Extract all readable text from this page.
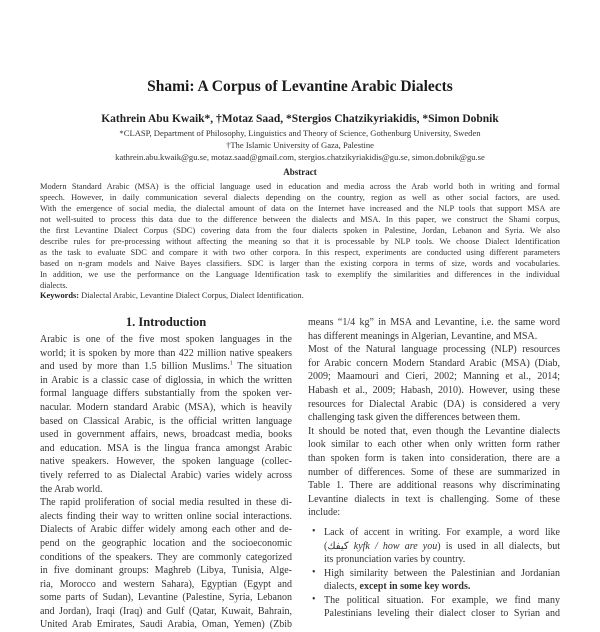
Shami: A Corpus of Levantine Arabic Dialects
Kathrein Abu Kwaik*, †Motaz Saad, *Stergios Chatzikyriakidis, *Simon Dobnik
*CLASP, Department of Philosophy, Linguistics and Theory of Science, Gothenburg University, Sweden
†The Islamic University of Gaza, Palestine
kathrein.abu.kwaik@gu.se, motaz.saad@gmail.com, stergios.chatzikyriakidis@gu.se, simon.dobnik@gu.se
Abstract
Modern Standard Arabic (MSA) is the official language used in education and media across the Arab world both in writing and formal
speech. However, in daily communication several dialects depending on the country, region as well as other social factors, are used.
With the emergence of social media, the dialectal amount of data on the Internet have increased and the NLP tools that support MSA are
not well-suited to process this data due to the difference between the dialects and MSA. In this paper, we construct the Shami corpus,
the first Levantine Dialect Corpus (SDC) covering data from the four dialects spoken in Palestine, Jordan, Lebanon and Syria. We also
describe rules for pre-processing without affecting the meaning so that it is processable by NLP tools. We choose Dialect Identification
as the task to evaluate SDC and compare it with two other corpora. In this respect, experiments are conducted using different parameters
based on n-gram models and Naive Bayes classifiers. SDC is larger than the existing corpora in terms of size, words and vocabularies.
In addition, we use the performance on the Language Identification task to exemplify the similarities and differences in the individual
dialects.
Keywords: Dialectal Arabic, Levantine Dialect Corpus, Dialect Identification.
1. Introduction
Arabic is one of the five most spoken languages in the
world; it is spoken by more than 422 million native speakers
and used by more than 1.5 billion Muslims.$^1$ The situation
in Arabic is a classic case of diglossia, in which the written
formal language differs substantially from the spoken ver-
nacular. Modern standard Arabic (MSA), which is heavily
based on Classical Arabic, is the official written language
used in government affairs, news, broadcast media, books
and education. MSA is the lingua franca amongst Arabic
native speakers. However, the spoken language (collec-
tively referred to as Dialectal Arabic) varies widely across
the Arab world.
The rapid proliferation of social media resulted in these di-
alects finding their way to written online social interactions.
Dialects of Arabic differ widely among each other and de-
pend on the geographic location and the socioeconomic
conditions of the speakers. They are commonly categorized
in five dominant groups: Maghreb (Libya, Tunisia, Alge-
ria, Morocco and western Sahara), Egyptian (Egypt and
some parts of Sudan), Levantine (Palestine, Syria, Lebanon
and Jordan), Iraqi (Iraq) and Gulf (Qatar, Kuwait, Bahrain,
United Arab Emirates, Saudi Arabia, Oman, Yemen) (Zbib
means “1/4 kg” in MSA and Levantine, i.e. the same word
has different meanings in Algerian, Levantine, and MSA.
Most of the Natural language processing (NLP) resources
for Arabic concern Modern Standard Arabic (MSA) (Diab,
2009; Maamouri and Cieri, 2002; Manning et al., 2014;
Habash et al., 2009; Habash, 2010). However, using these
resources for Dialectal Arabic (DA) is considered a very
challenging task given the differences between them.
It should be noted that, even though the Levantine dialects
look similar to each other when only written form rather
than spoken form is taken into consideration, there are a
number of differences. Some of these are summarized in
Table 1. There are additional reasons why discriminating
Levantine dialects in text is challenging. Some of these
include:
• Lack of accent in writing. For example, a word like
(كيفك kyfk / how are you) is used in all dialects, but
its pronunciation varies by country.
• High similarity between the Palestinian and Jordanian
dialects, except in some key words.
• The political situation. For example, we find many
Palestinians leveling their dialect closer to Syrian and
